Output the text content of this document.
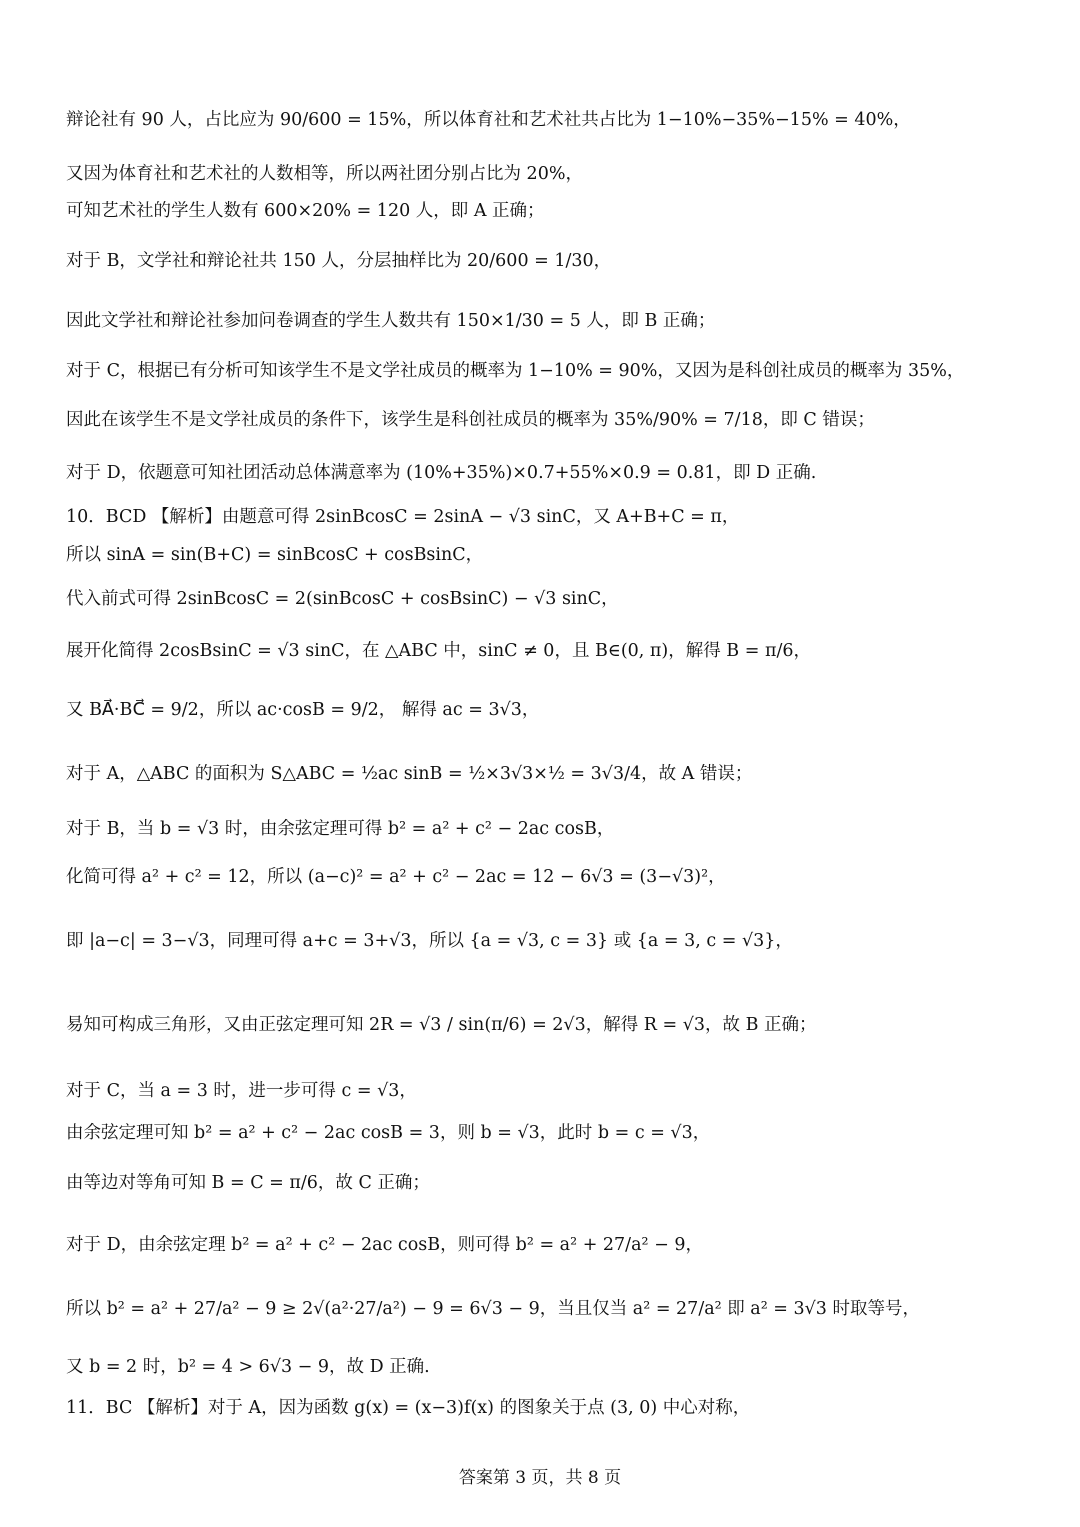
辩论社有 90 人，占比应为 90/600 = 15%，所以体育社和艺术社共占比为 1−10%−35%−15% = 40%，
又因为体育社和艺术社的人数相等，所以两社团分别占比为 20%，
可知艺术社的学生人数有 600×20% = 120 人，即 A 正确；
对于 B，文学社和辩论社共 150 人，分层抽样比为 20/600 = 1/30，
因此文学社和辩论社参加问卷调查的学生人数共有 150×1/30 = 5 人，即 B 正确；
对于 C，根据已有分析可知该学生不是文学社成员的概率为 1−10% = 90%，又因为是科创社成员的概率为 35%，
因此在该学生不是文学社成员的条件下，该学生是科创社成员的概率为 35%/90% = 7/18，即 C 错误；
对于 D，依题意可知社团活动总体满意率为 (10%+35%)×0.7+55%×0.9 = 0.81，即 D 正确.
10．BCD 【解析】由题意可得 2sinBcosC = 2sinA − √3 sinC，又 A+B+C = π，
所以 sinA = sin(B+C) = sinBcosC + cosBsinC，
代入前式可得 2sinBcosC = 2(sinBcosC + cosBsinC) − √3 sinC，
展开化简得 2cosBsinC = √3 sinC，在 △ABC 中，sinC ≠ 0，且 B∈(0, π)，解得 B = π/6，
又 BA⃗·BC⃗ = 9/2，所以 ac·cosB = 9/2， 解得 ac = 3√3，
对于 A，△ABC 的面积为 S△ABC = ½ac sinB = ½×3√3×½ = 3√3/4，故 A 错误；
对于 B，当 b = √3 时，由余弦定理可得 b² = a² + c² − 2ac cosB，
化简可得 a² + c² = 12，所以 (a−c)² = a² + c² − 2ac = 12 − 6√3 = (3−√3)²，
即 |a−c| = 3−√3，同理可得 a+c = 3+√3，所以 {a = √3, c = 3} 或 {a = 3, c = √3}，
易知可构成三角形，又由正弦定理可知 2R = √3 / sin(π/6) = 2√3，解得 R = √3，故 B 正确；
对于 C，当 a = 3 时，进一步可得 c = √3，
由余弦定理可知 b² = a² + c² − 2ac cosB = 3，则 b = √3，此时 b = c = √3，
由等边对等角可知 B = C = π/6，故 C 正确；
对于 D，由余弦定理 b² = a² + c² − 2ac cosB，则可得 b² = a² + 27/a² − 9，
所以 b² = a² + 27/a² − 9 ≥ 2√(a²·27/a²) − 9 = 6√3 − 9，当且仅当 a² = 27/a² 即 a² = 3√3 时取等号，
又 b = 2 时，b² = 4 > 6√3 − 9，故 D 正确.
11．BC 【解析】对于 A，因为函数 g(x) = (x−3)f(x) 的图象关于点 (3, 0) 中心对称，
答案第 3 页，共 8 页
